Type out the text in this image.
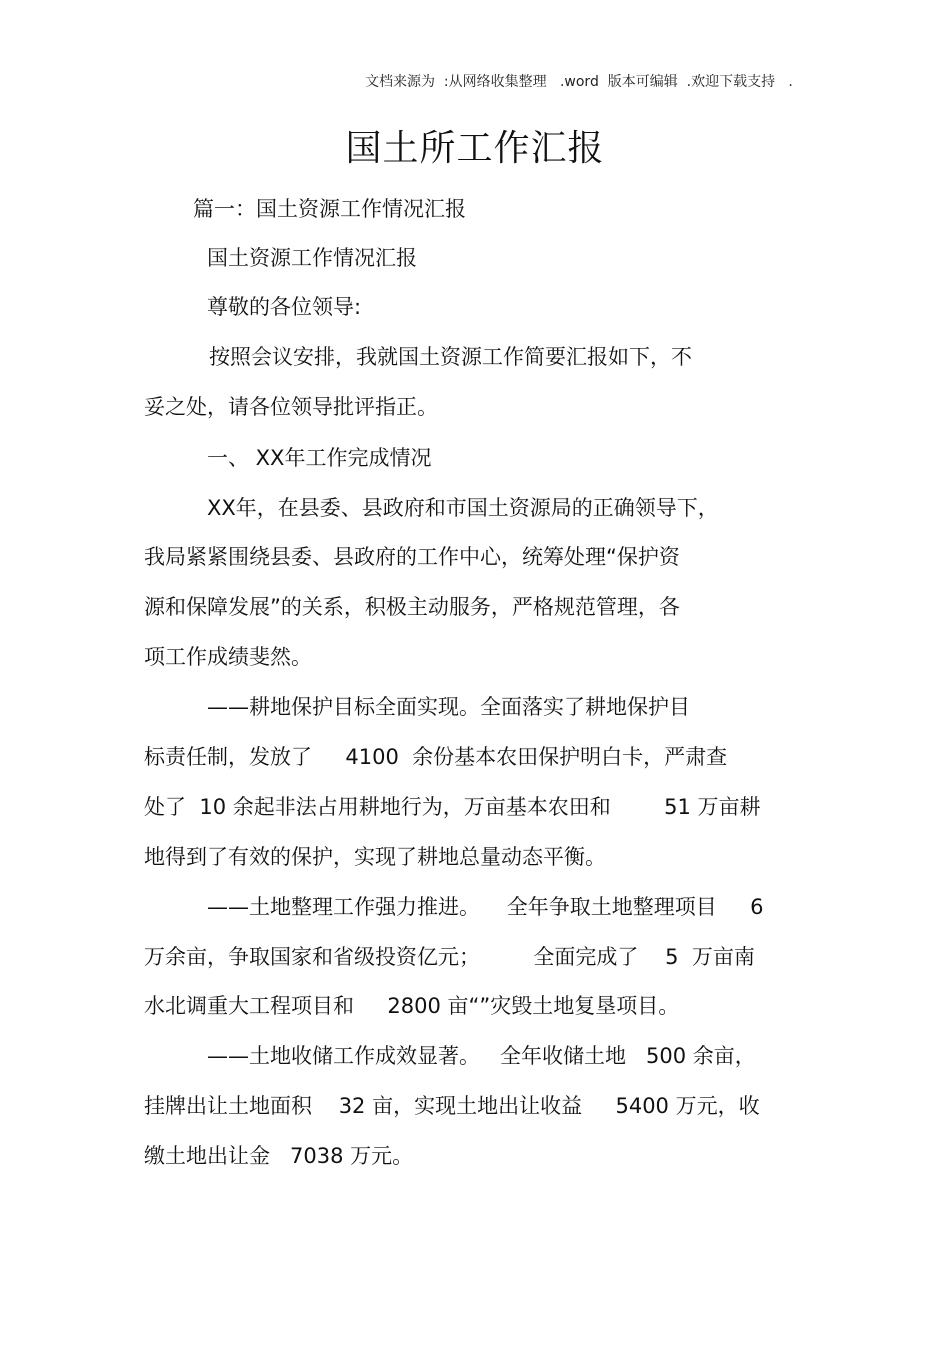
文档来源为  :从网络收集整理   .word  版本可编辑  .欢迎下载支持   .
国土所工作汇报
篇一：国土资源工作情况汇报
国土资源工作情况汇报
尊敬的各位领导:
按照会议安排，我就国土资源工作简要汇报如下，不
妥之处，请各位领导批评指正。
一、 XX年工作完成情况
XX年，在县委、县政府和市国土资源局的正确领导下，
我局紧紧围绕县委、县政府的工作中心，统筹处理“保护资
源和保障发展”的关系，积极主动服务，严格规范管理，各
项工作成绩斐然。
——耕地保护目标全面实现。全面落实了耕地保护目
标责任制，发放了     4100  余份基本农田保护明白卡，严肃查
处了  10 余起非法占用耕地行为，万亩基本农田和        51 万亩耕
地得到了有效的保护，实现了耕地总量动态平衡。
——土地整理工作强力推进。    全年争取土地整理项目     6
万余亩，争取国家和省级投资亿元；        全面完成了    5  万亩南
水北调重大工程项目和     2800 亩“”灾毁土地复垦项目。
——土地收储工作成效显著。   全年收储土地   500 余亩，
挂牌出让土地面积    32 亩，实现土地出让收益     5400 万元，收
缴土地出让金   7038 万元。
